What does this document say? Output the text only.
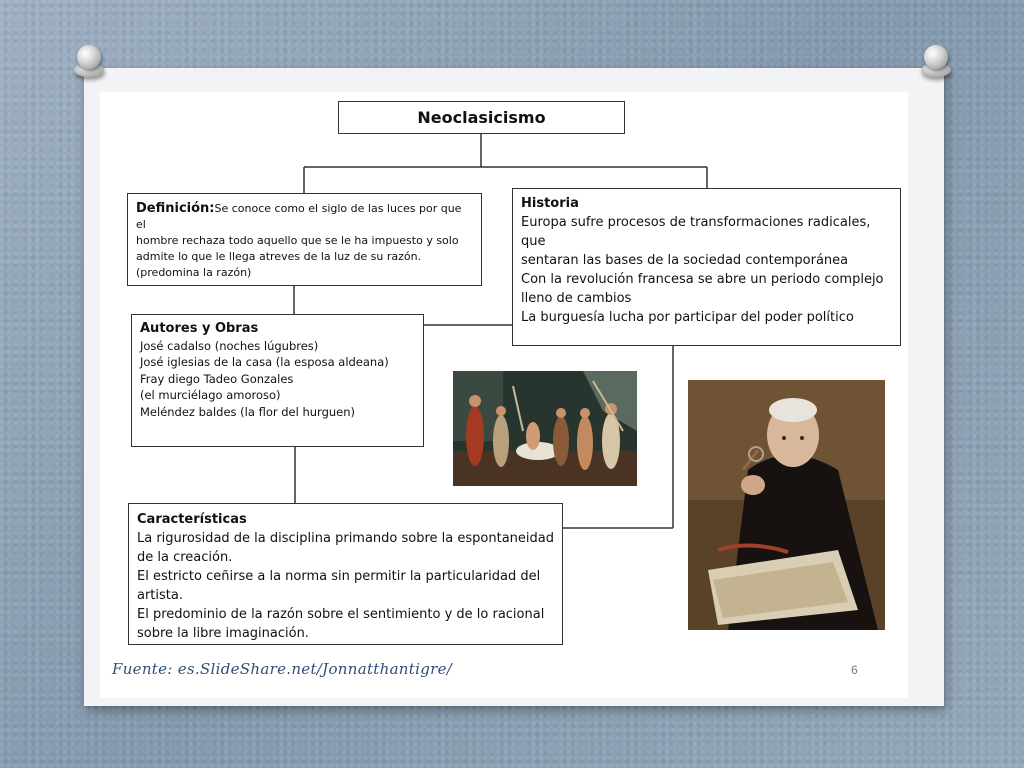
Neoclasicismo
Definición:Se conoce como el siglo de las luces por que el
hombre rechaza todo aquello que se le ha impuesto y solo
admite lo que le llega atreves de la luz de su razón.
(predomina la razón)
Historia
Europa sufre procesos de transformaciones radicales, que
sentaran las bases de la sociedad contemporánea
Con la revolución francesa se abre un periodo complejo
lleno de cambios
La burguesía lucha por participar del poder político
Autores y Obras
José cadalso (noches lúgubres)
José iglesias de la casa (la esposa aldeana)
Fray diego Tadeo Gonzales
(el murciélago amoroso)
Meléndez baldes (la flor del hurguen)
Características
La rigurosidad de la disciplina primando sobre la espontaneidad
de la creación.
El estricto ceñirse a la norma sin permitir la particularidad del
artista.
El predominio de la razón sobre el sentimiento y de lo racional
sobre la libre imaginación.
Fuente: es.SlideShare.net/Jonnatthantigre/	6
